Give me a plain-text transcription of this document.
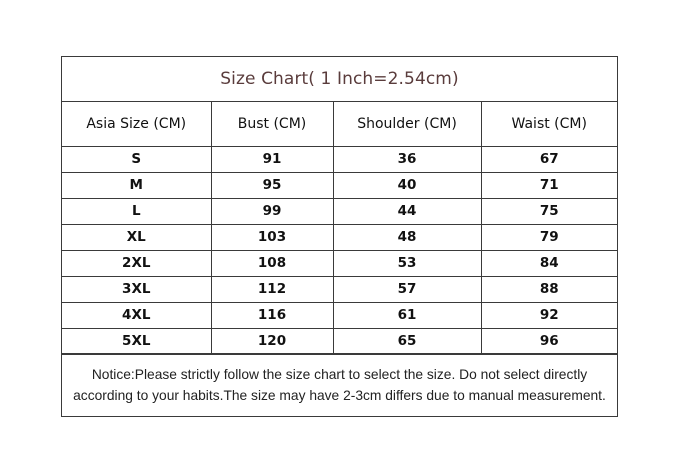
Size Chart( 1 Inch=2.54cm)
Asia Size (CM)	Bust (CM)	Shoulder (CM)	Waist (CM)
S	91	36	67
M	95	40	71
L	99	44	75
XL	103	48	79
2XL	108	53	84
3XL	112	57	88
4XL	116	61	92
5XL	120	65	96
Notice:Please strictly follow the size chart to select the size. Do not select directly
according to your habits.The size may have 2-3cm differs due to manual measurement.
